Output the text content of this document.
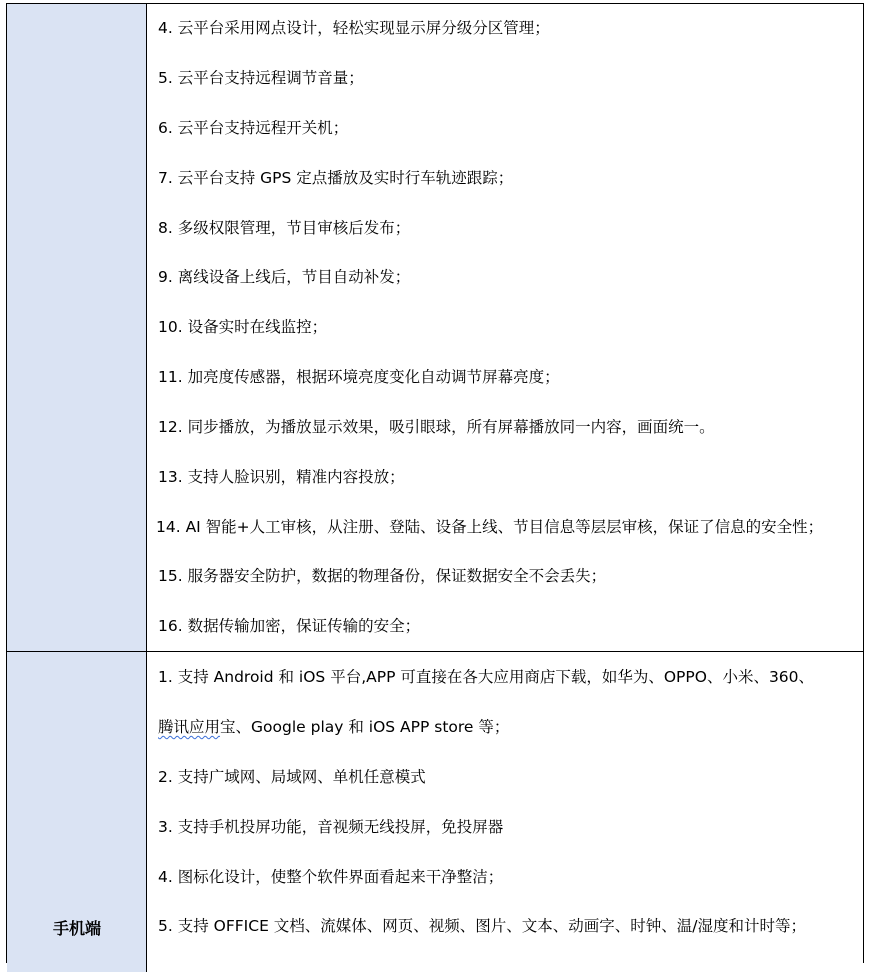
4. 云平台采用网点设计，轻松实现显示屏分级分区管理；
5. 云平台支持远程调节音量；
6. 云平台支持远程开关机；
7. 云平台支持 GPS 定点播放及实时行车轨迹跟踪；
8. 多级权限管理，节目审核后发布；
9. 离线设备上线后，节目自动补发；
10. 设备实时在线监控；
11. 加亮度传感器，根据环境亮度变化自动调节屏幕亮度；
12. 同步播放，为播放显示效果，吸引眼球，所有屏幕播放同一内容，画面统一。
13. 支持人脸识别，精准内容投放；
14. AI 智能+人工审核，从注册、登陆、设备上线、节目信息等层层审核，保证了信息的安全性；
15. 服务器安全防护，数据的物理备份，保证数据安全不会丢失；
16. 数据传输加密，保证传输的安全；
手机端
1. 支持 Android 和 iOS 平台,APP 可直接在各大应用商店下载，如华为、OPPO、小米、360、
腾讯应用宝、Google play 和 iOS APP store 等；
2. 支持广域网、局域网、单机任意模式
3. 支持手机投屏功能，音视频无线投屏，免投屏器
4. 图标化设计，使整个软件界面看起来干净整洁；
5. 支持 OFFICE 文档、流媒体、网页、视频、图片、文本、动画字、时钟、温/湿度和计时等；
